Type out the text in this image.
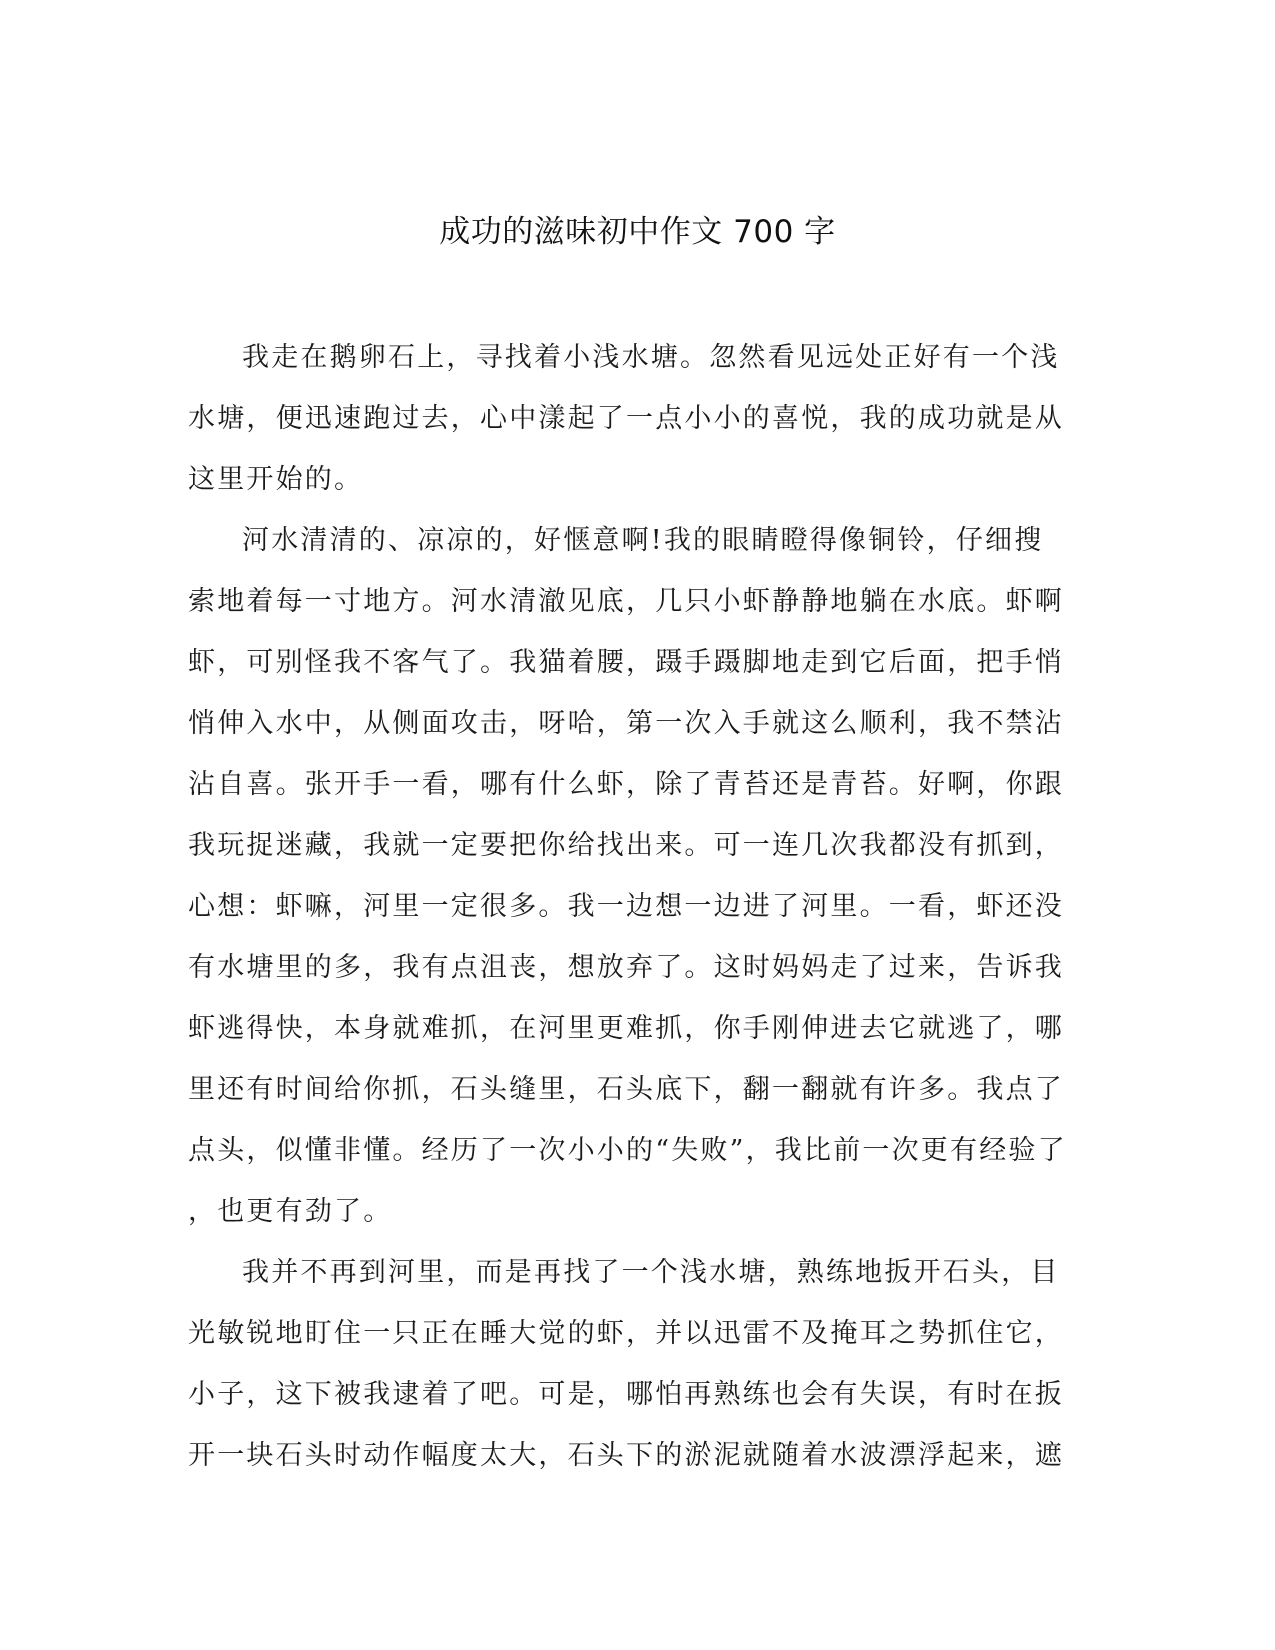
成功的滋味初中作文 700 字

我走在鹅卵石上，寻找着小浅水塘。忽然看见远处正好有一个浅
水塘，便迅速跑过去，心中漾起了一点小小的喜悦，我的成功就是从
这里开始的。

河水清清的、凉凉的，好惬意啊!我的眼睛瞪得像铜铃，仔细搜
索地着每一寸地方。河水清澈见底，几只小虾静静地躺在水底。虾啊
虾，可别怪我不客气了。我猫着腰，蹑手蹑脚地走到它后面，把手悄
悄伸入水中，从侧面攻击，呀哈，第一次入手就这么顺利，我不禁沾
沾自喜。张开手一看，哪有什么虾，除了青苔还是青苔。好啊，你跟
我玩捉迷藏，我就一定要把你给找出来。可一连几次我都没有抓到，
心想：虾嘛，河里一定很多。我一边想一边进了河里。一看，虾还没
有水塘里的多，我有点沮丧，想放弃了。这时妈妈走了过来，告诉我
虾逃得快，本身就难抓，在河里更难抓，你手刚伸进去它就逃了，哪
里还有时间给你抓，石头缝里，石头底下，翻一翻就有许多。我点了
点头，似懂非懂。经历了一次小小的“失败”，我比前一次更有经验了
，也更有劲了。

我并不再到河里，而是再找了一个浅水塘，熟练地扳开石头，目
光敏锐地盯住一只正在睡大觉的虾，并以迅雷不及掩耳之势抓住它，
小子，这下被我逮着了吧。可是，哪怕再熟练也会有失误，有时在扳
开一块石头时动作幅度太大，石头下的淤泥就随着水波漂浮起来，遮
